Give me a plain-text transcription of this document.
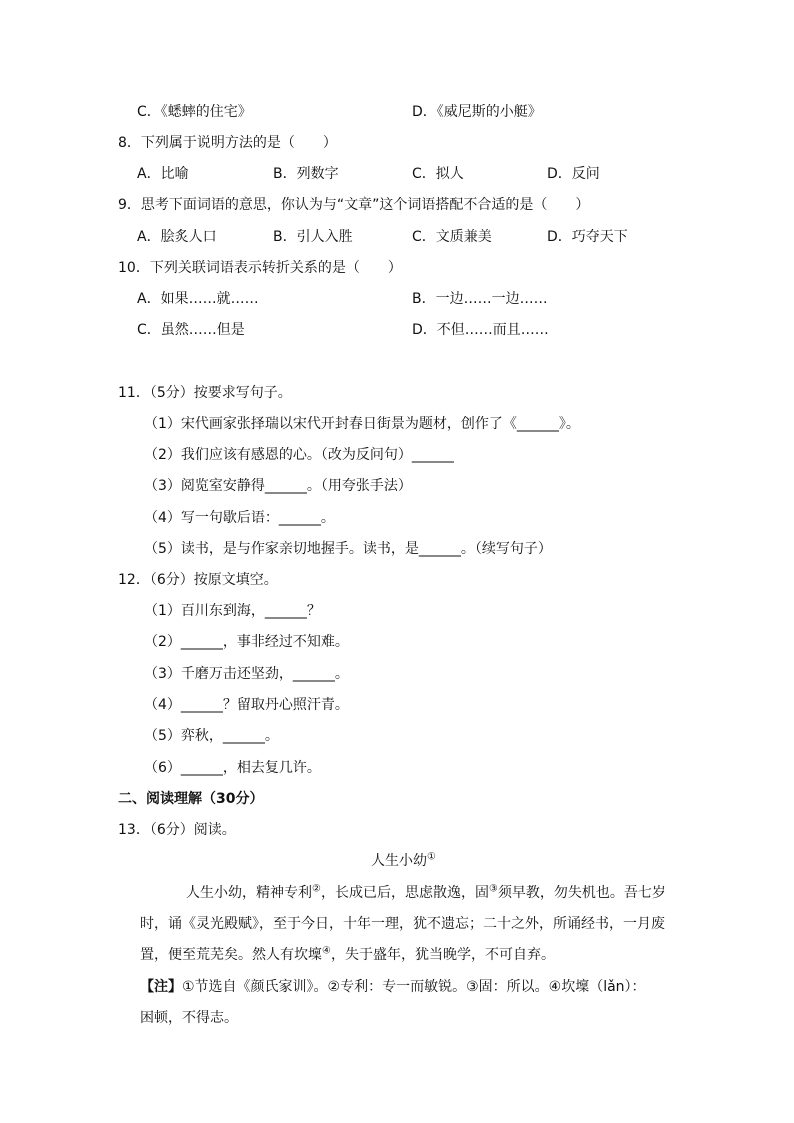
C．《蟋蟀的住宅》	D．《威尼斯的小艇》
8．下列属于说明方法的是（　　）
A．比喻	B．列数字	C．拟人	D．反问
9．思考下面词语的意思，你认为与“文章”这个词语搭配不合适的是（　　）
A．脍炙人口	B．引人入胜	C．文质兼美	D．巧夺天下
10．下列关联词语表示转折关系的是（　　）
A．如果……就……	B．一边……一边……
C．虽然……但是	D．不但……而且……
11．（5分）按要求写句子。
（1）宋代画家张择瑞以宋代开封春日街景为题材，创作了《______》。
（2）我们应该有感恩的心。（改为反问句）______
（3）阅览室安静得______。（用夸张手法）
（4）写一句歇后语：______。
（5）读书，是与作家亲切地握手。读书，是______。（续写句子）
12．（6分）按原文填空。
（1）百川东到海，______？
（2）______，事非经过不知难。
（3）千磨万击还坚劲，______。
（4）______？留取丹心照汗青。
（5）弈秋，______。
（6）______，相去复几许。
二、阅读理解（30分）
13．（6分）阅读。
人生小幼①
人生小幼，精神专利②，长成已后，思虑散逸，固③须早教，勿失机也。吾七岁
时，诵《灵光殿赋》，至于今日，十年一理，犹不遗忘；二十之外，所诵经书，一月废
置，便至荒芜矣。然人有坎壈④，失于盛年，犹当晚学，不可自弃。
【注】①节选自《颜氏家训》。②专利：专一而敏锐。③固：所以。④坎壈（lǎn）：
困顿，不得志。
